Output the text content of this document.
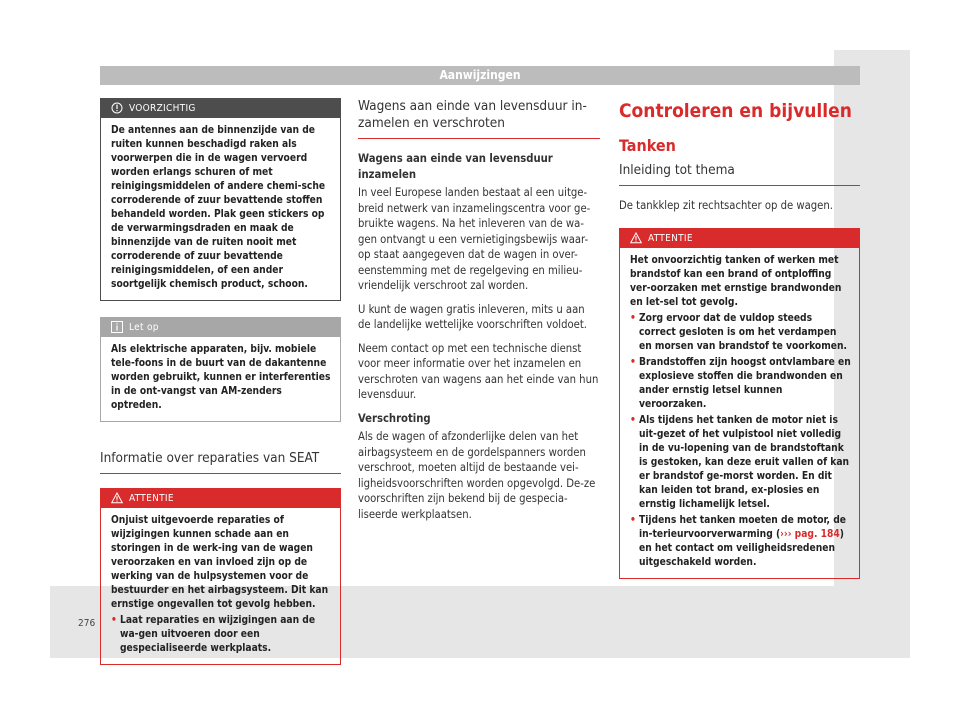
Aanwijzingen
VOORZICHTIG

De antennes aan de binnenzijde van de ruiten kunnen beschadigd raken als voorwerpen die in de wagen vervoerd worden erlangs schuren of met reinigingsmiddelen of andere chemi-sche corroderende of zuur bevattende stoffen behandeld worden. Plak geen stickers op de verwarmingsdraden en maak de binnenzijde van de ruiten nooit met corroderende of zuur bevattende reinigingsmiddelen, of een ander soortgelijk chemisch product, schoon.

Let op

Als elektrische apparaten, bijv. mobiele tele-foons in de buurt van de dakantenne worden gebruikt, kunnen er interferenties in de ont-vangst van AM-zenders optreden.

Informatie over reparaties van SEAT
ATTENTIE

Onjuist uitgevoerde reparaties of wijzigingen kunnen schade aan en storingen in de werk-ing van de wagen veroorzaken en van invloed zijn op de werking van de hulpsystemen voor de bestuurder en het airbagsysteem. Dit kan ernstige ongevallen tot gevolg hebben.

• Laat reparaties en wijzigingen aan de wa-gen uitvoeren door een gespecialiseerde werkplaats.
Wagens aan einde van levensduur in-zamelen en verschroten

Wagens aan einde van levensduur inzamelen

In veel Europese landen bestaat al een uitge-breid netwerk van inzamelingscentra voor ge-bruikte wagens. Na het inleveren van de wa-gen ontvangt u een vernietigingsbewijs waar-op staat aangegeven dat de wagen in over-eenstemming met de regelgeving en milieu-vriendelijk verschroot zal worden.

U kunt de wagen gratis inleveren, mits u aan de landelijke wettelijke voorschriften voldoet.

Neem contact op met een technische dienst voor meer informatie over het inzamelen en verschroten van wagens aan het einde van hun levensduur.

Verschroting

Als de wagen of afzonderlijke delen van het airbagsysteem en de gordelspanners worden verschroot, moeten altijd de bestaande vei-ligheidsvoorschriften worden opgevolgd. De-ze voorschriften zijn bekend bij de gespecia-liseerde werkplaatsen.

Controleren en bijvullen
Tanken
Inleiding tot thema
De tankklep zit rechtsachter op de wagen.
ATTENTIE

Het onvoorzichtig tanken of werken met brandstof kan een brand of ontploffing ver-oorzaken met ernstige brandwonden en let-sel tot gevolg.

• Zorg ervoor dat de vuldop steeds correct gesloten is om het verdampen en morsen van brandstof te voorkomen.
• Brandstoffen zijn hoogst ontvlambare en explosieve stoffen die brandwonden en ander ernstig letsel kunnen veroorzaken.
• Als tijdens het tanken de motor niet is uit-gezet of het vulpistool niet volledig in de vu-lopening van de brandstoftank is gestoken, kan deze eruit vallen of kan er brandstof ge-morst worden. En dit kan leiden tot brand, ex-plosies en ernstig lichamelijk letsel.
• Tijdens het tanken moeten de motor, de in-terieurvoorverwarming (››› pag. 184) en het contact om veiligheidsredenen uitgeschakeld worden.
276
